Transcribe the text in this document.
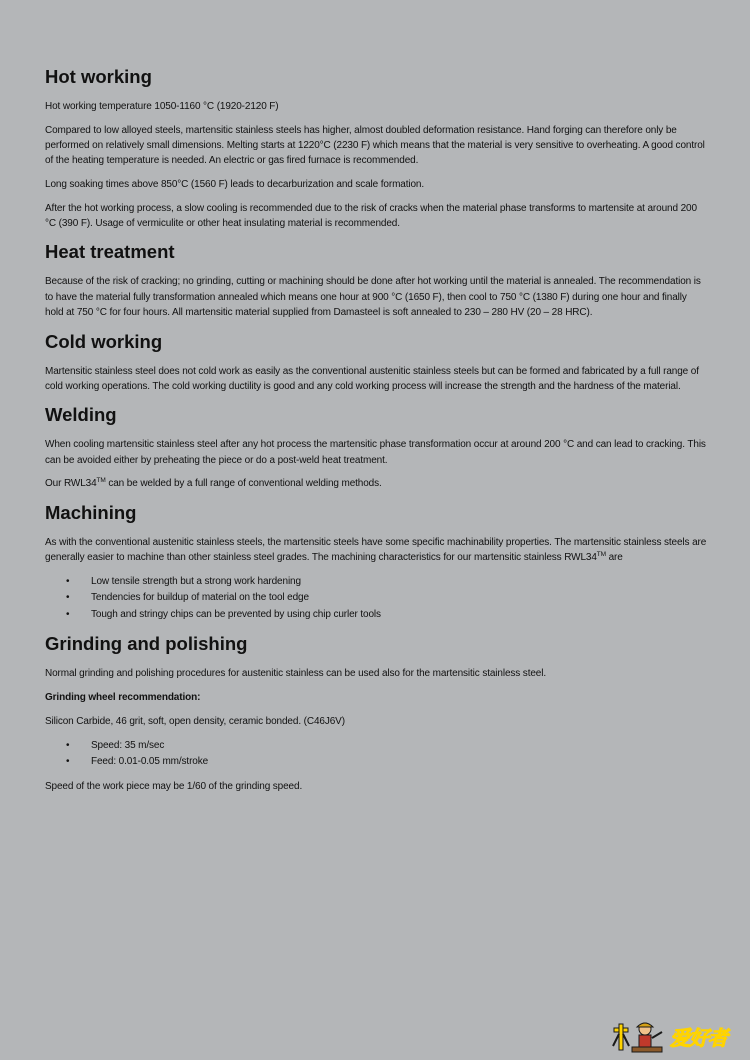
Hot working

Hot working temperature 1050-1160 °C (1920-2120 F)

Compared to low alloyed steels, martensitic stainless steels has higher, almost doubled deformation resistance. Hand forging can therefore only be performed on relatively small dimensions. Melting starts at 1220°C (2230 F) which means that the material is very sensitive to overheating. A good control of the heating temperature is needed. An electric or gas fired furnace is recommended.

Long soaking times above 850°C (1560 F) leads to decarburization and scale formation.

After the hot working process, a slow cooling is recommended due to the risk of cracks when the material phase transforms to martensite at around 200 °C (390 F). Usage of vermiculite or other heat insulating material is recommended.

Heat treatment

Because of the risk of cracking; no grinding, cutting or machining should be done after hot working until the material is annealed. The recommendation is to have the material fully transformation annealed which means one hour at 900 °C (1650 F), then cool to 750 °C (1380 F) during one hour and finally hold at 750 °C for four hours. All martensitic material supplied from Damasteel is soft annealed to 230 – 280 HV (20 – 28 HRC).

Cold working

Martensitic stainless steel does not cold work as easily as the conventional austenitic stainless steels but can be formed and fabricated by a full range of cold working operations. The cold working ductility is good and any cold working process will increase the strength and the hardness of the material.

Welding

When cooling martensitic stainless steel after any hot process the martensitic phase transformation occur at around 200 °C and can lead to cracking. This can be avoided either by preheating the piece or do a post-weld heat treatment.

Our RWL34™ can be welded by a full range of conventional welding methods.

Machining

As with the conventional austenitic stainless steels, the martensitic steels have some specific machinability properties. The martensitic stainless steels are generally easier to machine than other stainless steel grades. The machining characteristics for our martensitic stainless RWL34™ are

• Low tensile strength but a strong work hardening
• Tendencies for buildup of material on the tool edge
• Tough and stringy chips can be prevented by using chip curler tools
Grinding and polishing

Normal grinding and polishing procedures for austenitic stainless can be used also for the martensitic stainless steel.

Grinding wheel recommendation:

Silicon Carbide, 46 grit, soft, open density, ceramic bonded. (C46J6V)

• Speed: 35 m/sec
• Feed: 0.01-0.05 mm/stroke

Speed of the work piece may be 1/60 of the grinding speed.

爱好者
